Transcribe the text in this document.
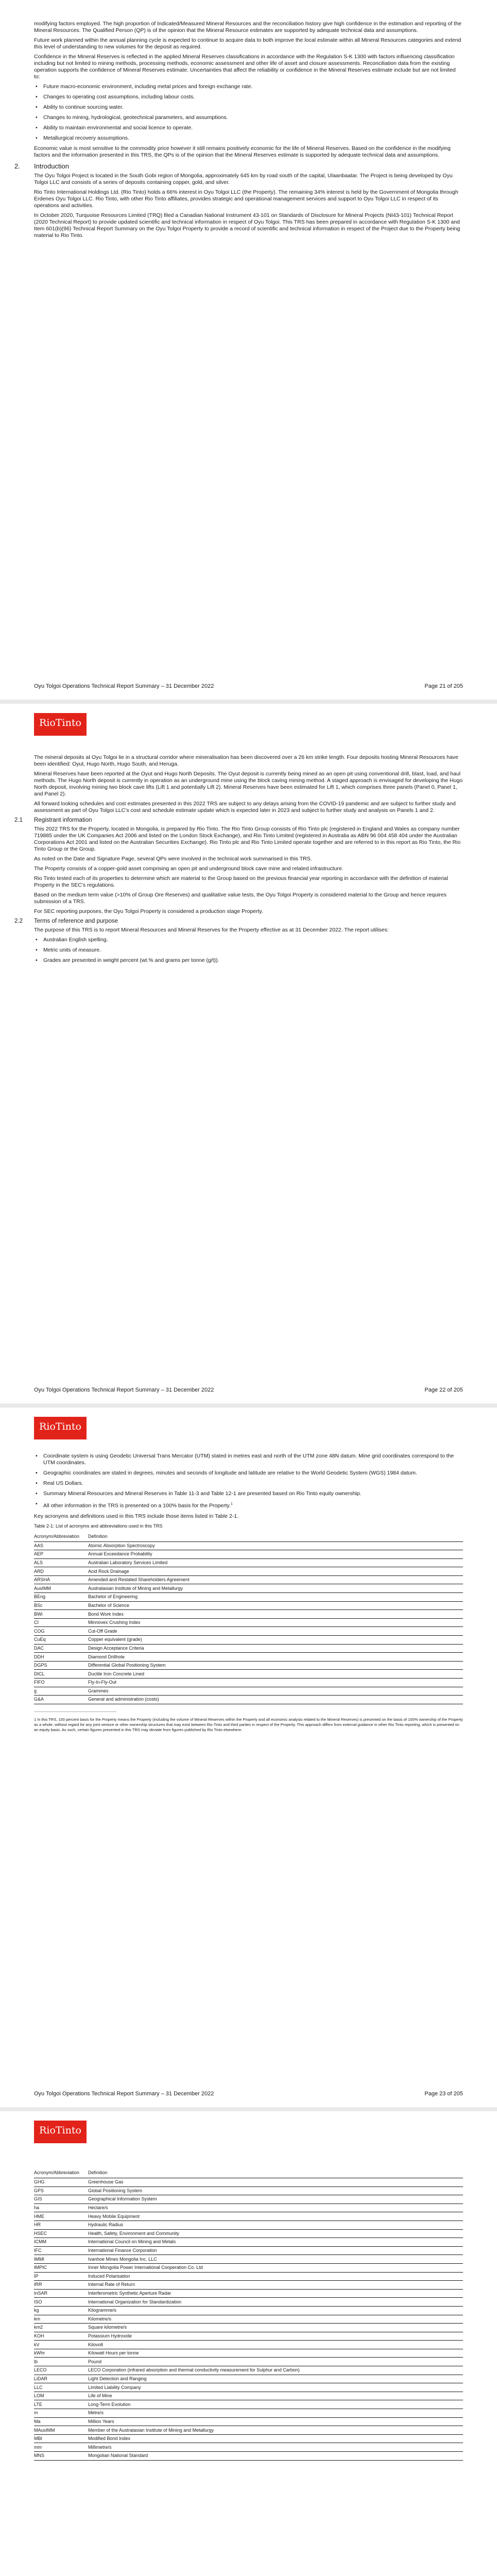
modifying factors employed. The high proportion of Indicated/Measured Mineral Resources and the reconciliation history give high confidence in the estimation and reporting of the Mineral Resources. The Qualified Person (QP) is of the opinion that the Mineral Resource estimates are supported by adequate technical data and assumptions.

Future work planned within the annual planning cycle is expected to continue to acquire data to both improve the local estimate within all Mineral Resources categories and extend this level of understanding to new volumes for the deposit as required.

Confidence in the Mineral Reserves is reflected in the applied Mineral Reserves classifications in accordance with the Regulation S-K 1300 with factors influencing classification including but not limited to mining methods, processing methods, economic assessment and other life of asset and closure assessments. Reconciliation data from the existing operation supports the confidence of Mineral Reserves estimate. Uncertainties that affect the reliability or confidence in the Mineral Reserves estimate include but are not limited to:

• Future macro-economic environment, including metal prices and foreign exchange rate.
• Changes to operating cost assumptions, including labour costs.
• Ability to continue sourcing water.
• Changes to mining, hydrological, geotechnical parameters, and assumptions.
• Ability to maintain environmental and social licence to operate.
• Metallurgical recovery assumptions.

Economic value is most sensitive to the commodity price however it still remains positively economic for the life of Mineral Reserves. Based on the confidence in the modifying factors and the information presented in this TRS, the QPs is of the opinion that the Mineral Reserves estimate is supported by adequate technical data and assumptions.

2. Introduction

The Oyu Tolgoi Project is located in the South Gobi region of Mongolia, approximately 645 km by road south of the capital, Ulaanbaatar. The Project is being developed by Oyu Tolgoi LLC and consists of a series of deposits containing copper, gold, and silver.

Rio Tinto International Holdings Ltd. (Rio Tinto) holds a 66% interest in Oyu Tolgoi LLC (the Property). The remaining 34% interest is held by the Government of Mongolia through Erdenes Oyu Tolgoi LLC. Rio Tinto, with other Rio Tinto affiliates, provides strategic and operational management services and support to Oyu Tolgoi LLC in respect of its operations and activities.

In October 2020, Turquoise Resources Limited (TRQ) filed a Canadian National Instrument 43-101 on Standards of Disclosure for Mineral Projects (NI43-101) Technical Report (2020 Technical Report) to provide updated scientific and technical information in respect of Oyu Tolgoi. This TRS has been prepared in accordance with Regulation S-K 1300 and Item 601(b)(96) Technical Report Summary on the Oyu Tolgoi Property to provide a record of scientific and technical information in respect of the Project due to the Property being material to Rio Tinto.

Oyu Tolgoi Operations Technical Report Summary – 31 December 2022	Page 21 of 205
RioTinto

The mineral deposits at Oyu Tolgoi lie in a structural corridor where mineralisation has been discovered over a 26 km strike length. Four deposits hosting Mineral Resources have been identified: Oyut, Hugo North, Hugo South, and Heruga.

Mineral Reserves have been reported at the Oyut and Hugo North Deposits. The Oyut deposit is currently being mined as an open pit using conventional drill, blast, load, and haul methods. The Hugo North deposit is currently in operation as an underground mine using the block caving mining method. A staged approach is envisaged for developing the Hugo North deposit, involving mining two block cave lifts (Lift 1 and potentially Lift 2). Mineral Reserves have been estimated for Lift 1, which comprises three panels (Panel 0, Panel 1, and Panel 2).

All forward looking schedules and cost estimates presented in this 2022 TRS are subject to any delays arising from the COVID-19 pandemic and are subject to further study and assessment as part of Oyu Tolgoi LLC’s cost and schedule estimate update which is expected later in 2023 and subject to further study and analysis on Panels 1 and 2.

2.1 Registrant information

This 2022 TRS for the Property, located in Mongolia, is prepared by Rio Tinto. The Rio Tinto Group consists of Rio Tinto plc (registered in England and Wales as company number 719885 under the UK Companies Act 2006 and listed on the London Stock Exchange), and Rio Tinto Limited (registered in Australia as ABN 96 004 458 404 under the Australian Corporations Act 2001 and listed on the Australian Securities Exchange). Rio Tinto plc and Rio Tinto Limited operate together and are referred to in this report as Rio Tinto, the Rio Tinto Group or the Group.

As noted on the Date and Signature Page, several QPs were involved in the technical work summarised in this TRS.

The Property consists of a copper-gold asset comprising an open pit and underground block cave mine and related infrastructure.

Rio Tinto tested each of its properties to determine which are material to the Group based on the previous financial year reporting in accordance with the definition of material Property in the SEC’s regulations.

Based on the medium term value (>10% of Group Ore Reserves) and qualitative value tests, the Oyu Tolgoi Property is considered material to the Group and hence requires submission of a TRS.

For SEC reporting purposes, the Oyu Tolgoi Property is considered a production stage Property.

2.2 Terms of reference and purpose

The purpose of this TRS is to report Mineral Resources and Mineral Reserves for the Property effective as at 31 December 2022. The report utilises:

• Australian English spelling.
• Metric units of measure.
• Grades are presented in weight percent (wt.% and grams per tonne (g/t)).
Oyu Tolgoi Operations Technical Report Summary – 31 December 2022	Page 22 of 205
RioTinto
• Coordinate system is using Geodetic Universal Trans Mercator (UTM) stated in metres east and north of the UTM zone 48N datum. Mine grid coordinates correspond to the UTM coordinates.
• Geographic coordinates are stated in degrees, minutes and seconds of longitude and latitude are relative to the World Geodetic System (WGS) 1984 datum.
• Real US Dollars.
• Summary Mineral Resources and Mineral Reserves in Table 11-3 and Table 12-1 are presented based on Rio Tinto equity ownership.
• All other information in the TRS is presented on a 100% basis for the Property.$^1$

Key acronyms and definitions used in this TRS include those items listed in Table 2-1.

Table 2-1: List of acronyms and abbreviations used in this TRS
Acronym/Abbreviation	Definition
AAS	Atomic Absorption Spectroscopy
AEP	Annual Exceedance Probability
ALS	Australian Laboratory Services Limited
ARD	Acid Rock Drainage
ARSHA	Amended and Restated Shareholders Agreement
AusIMM	Australasian Institute of Mining and Metallurgy
BEng	Bachelor of Engineering
BSc	Bachelor of Science
BWi	Bond Work Index
CI	Minnovex Crushing Index
COG	Cut-Off Grade
CuEq	Copper equivalent (grade)
DAC	Design Acceptance Criteria
DDH	Diamond Drillhole
DGPS	Differential Global Positioning System
DICL	Ductile Iron Concrete Lined
FIFO	Fly-In-Fly-Out
g	Grammes
G&A	General and administration (costs)
1 In this TRS, 100 percent basis for the Property means the Property (including the volume of Mineral Reserves within the Property and all economic analysis related to the Mineral Reserves) is presented on the basis of 100% ownership of the Property as a whole, without regard for any joint venture or other ownership structures that may exist between Rio Tinto and third parties in respect of the Property. This approach differs from external guidance in other Rio Tinto reporting, which is presented on an equity basis. As such, certain figures presented in this TRS may deviate from figures published by Rio Tinto elsewhere.
Oyu Tolgoi Operations Technical Report Summary – 31 December 2022	Page 23 of 205
RioTinto
Acronym/Abbreviation	Definition
GHG	Greenhouse Gas
GPS	Global Positioning System
GIS	Geographical Information System
ha	Hectare/s
HME	Heavy Mobile Equipment
HR	Hydraulic Radius
HSEC	Health, Safety, Environment and Community
ICMM	International Council on Mining and Metals
IFC	International Finance Corporation
IMMI	Ivanhoe Mines Mongolia Inc. LLC
IMPIC	Inner Mongolia Power International Cooperation Co. Ltd
IP	Induced Polarisation
IRR	Internal Rate of Return
InSAR	Interferometric Synthetic Aperture Radar
ISO	International Organization for Standardization
kg	Kilogramme/s
km	Kilometre/s
km2	Square kilometre/s
KOH	Potassium Hydroxide
kV	Kilovolt
kWhr	Kilowatt Hours per tonne
lb	Pound
LECO	LECO Corporation (infrared absorption and thermal conductivity measurement for Sulphur and Carbon)
LiDAR	Light Detection and Ranging
LLC	Limited Liability Company
LOM	Life of Mine
LTE	Long-Term Evolution
m	Metre/s
Ma	Million Years
MAusIMM	Member of the Australasian Institute of Mining and Metallurgy
MBI	Modified Bond Index
mm	Millimetre/s
MNS	Mongolian National Standard
